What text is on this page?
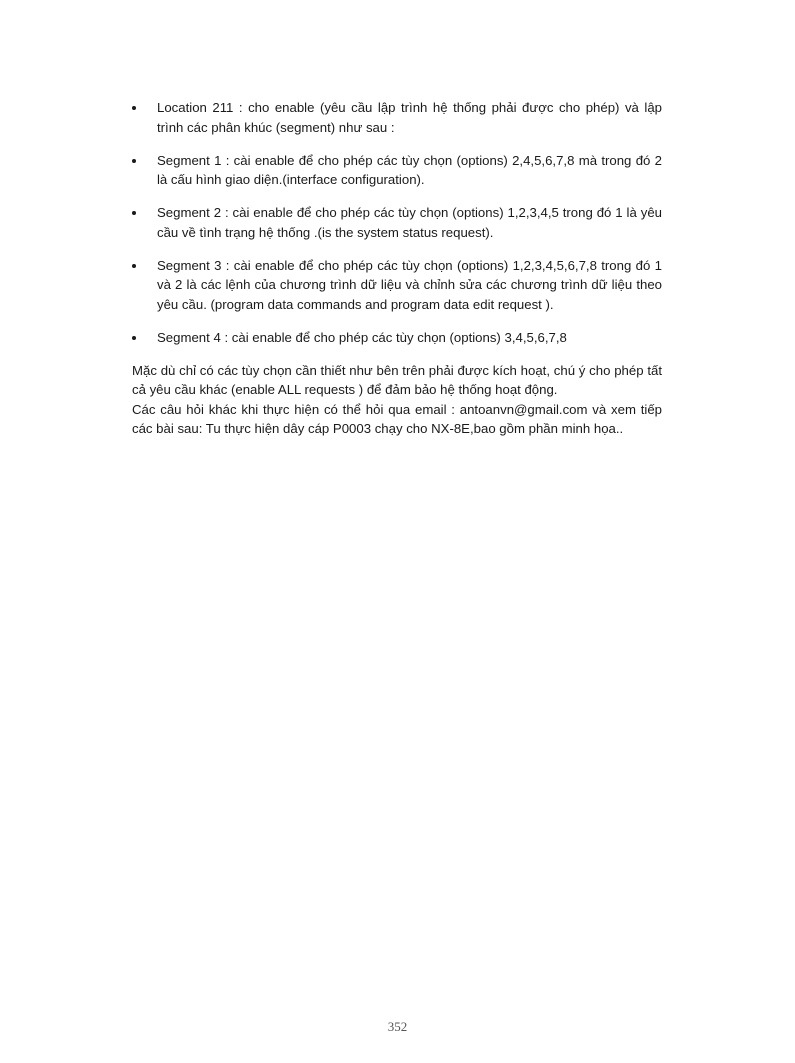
Location 211 : cho enable (yêu cầu lập trình hệ thống phải được cho phép) và lập trình các phân khúc (segment) như sau :
Segment 1 : cài enable để cho phép các tùy chọn (options) 2,4,5,6,7,8 mà trong đó 2 là cấu hình giao diện.(interface configuration).
Segment 2 : cài enable để cho phép các tùy chọn (options) 1,2,3,4,5 trong đó 1 là yêu cầu về tình trạng hệ thống .(is the system status request).
Segment 3 : cài enable để cho phép các tùy chọn (options) 1,2,3,4,5,6,7,8 trong đó 1 và 2 là các lệnh của chương trình dữ liệu và chỉnh sửa các chương trình dữ liệu theo yêu cầu. (program data commands and program data edit request ).
Segment 4 : cài enable để cho phép các tùy chọn (options) 3,4,5,6,7,8

Mặc dù chỉ có các tùy chọn cần thiết như bên trên phải được kích hoạt, chú ý cho phép tất cả yêu cầu khác (enable ALL requests ) để đảm bảo hệ thống hoạt động.

Các câu hỏi khác khi thực hiện có thể hỏi qua email : antoanvn@gmail.com và xem tiếp các bài sau: Tu thực hiện dây cáp P0003 chạy cho NX-8E,bao gồm phần minh họa..

352
